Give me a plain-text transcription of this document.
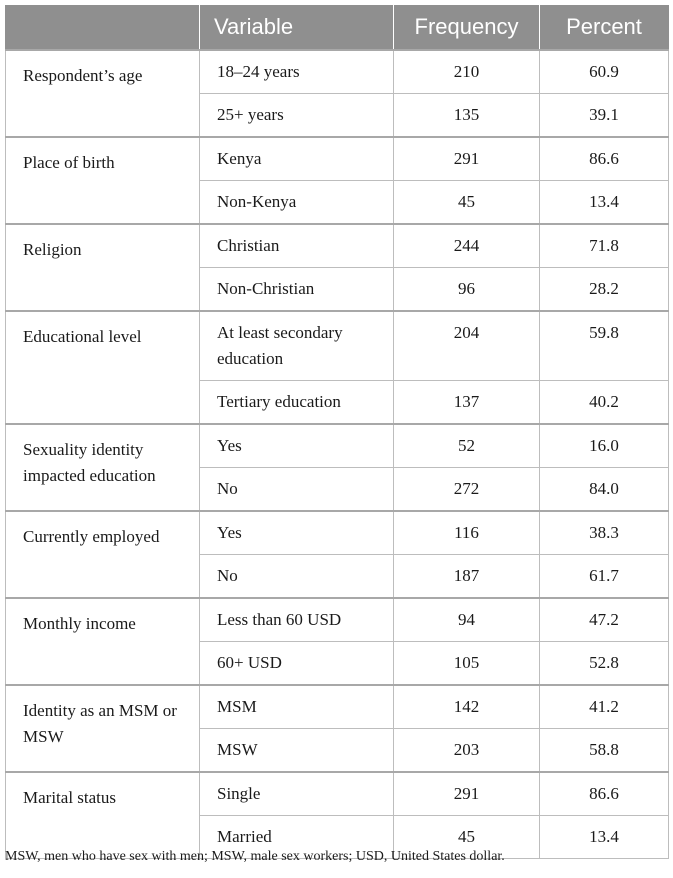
	Variable	Frequency	Percent
Respondent’s age	18–24 years	210	60.9
	25+ years	135	39.1
Place of birth	Kenya	291	86.6
	Non-Kenya	45	13.4
Religion	Christian	244	71.8
	Non-Christian	96	28.2
Educational level	At least secondary education	204	59.8
	Tertiary education	137	40.2
Sexuality identity impacted education	Yes	52	16.0
	No	272	84.0
Currently employed	Yes	116	38.3
	No	187	61.7
Monthly income	Less than 60 USD	94	47.2
	60+ USD	105	52.8
Identity as an MSM or MSW	MSM	142	41.2
	MSW	203	58.8
Marital status	Single	291	86.6
	Married	45	13.4
MSW, men who have sex with men; MSW, male sex workers; USD, United States dollar.
